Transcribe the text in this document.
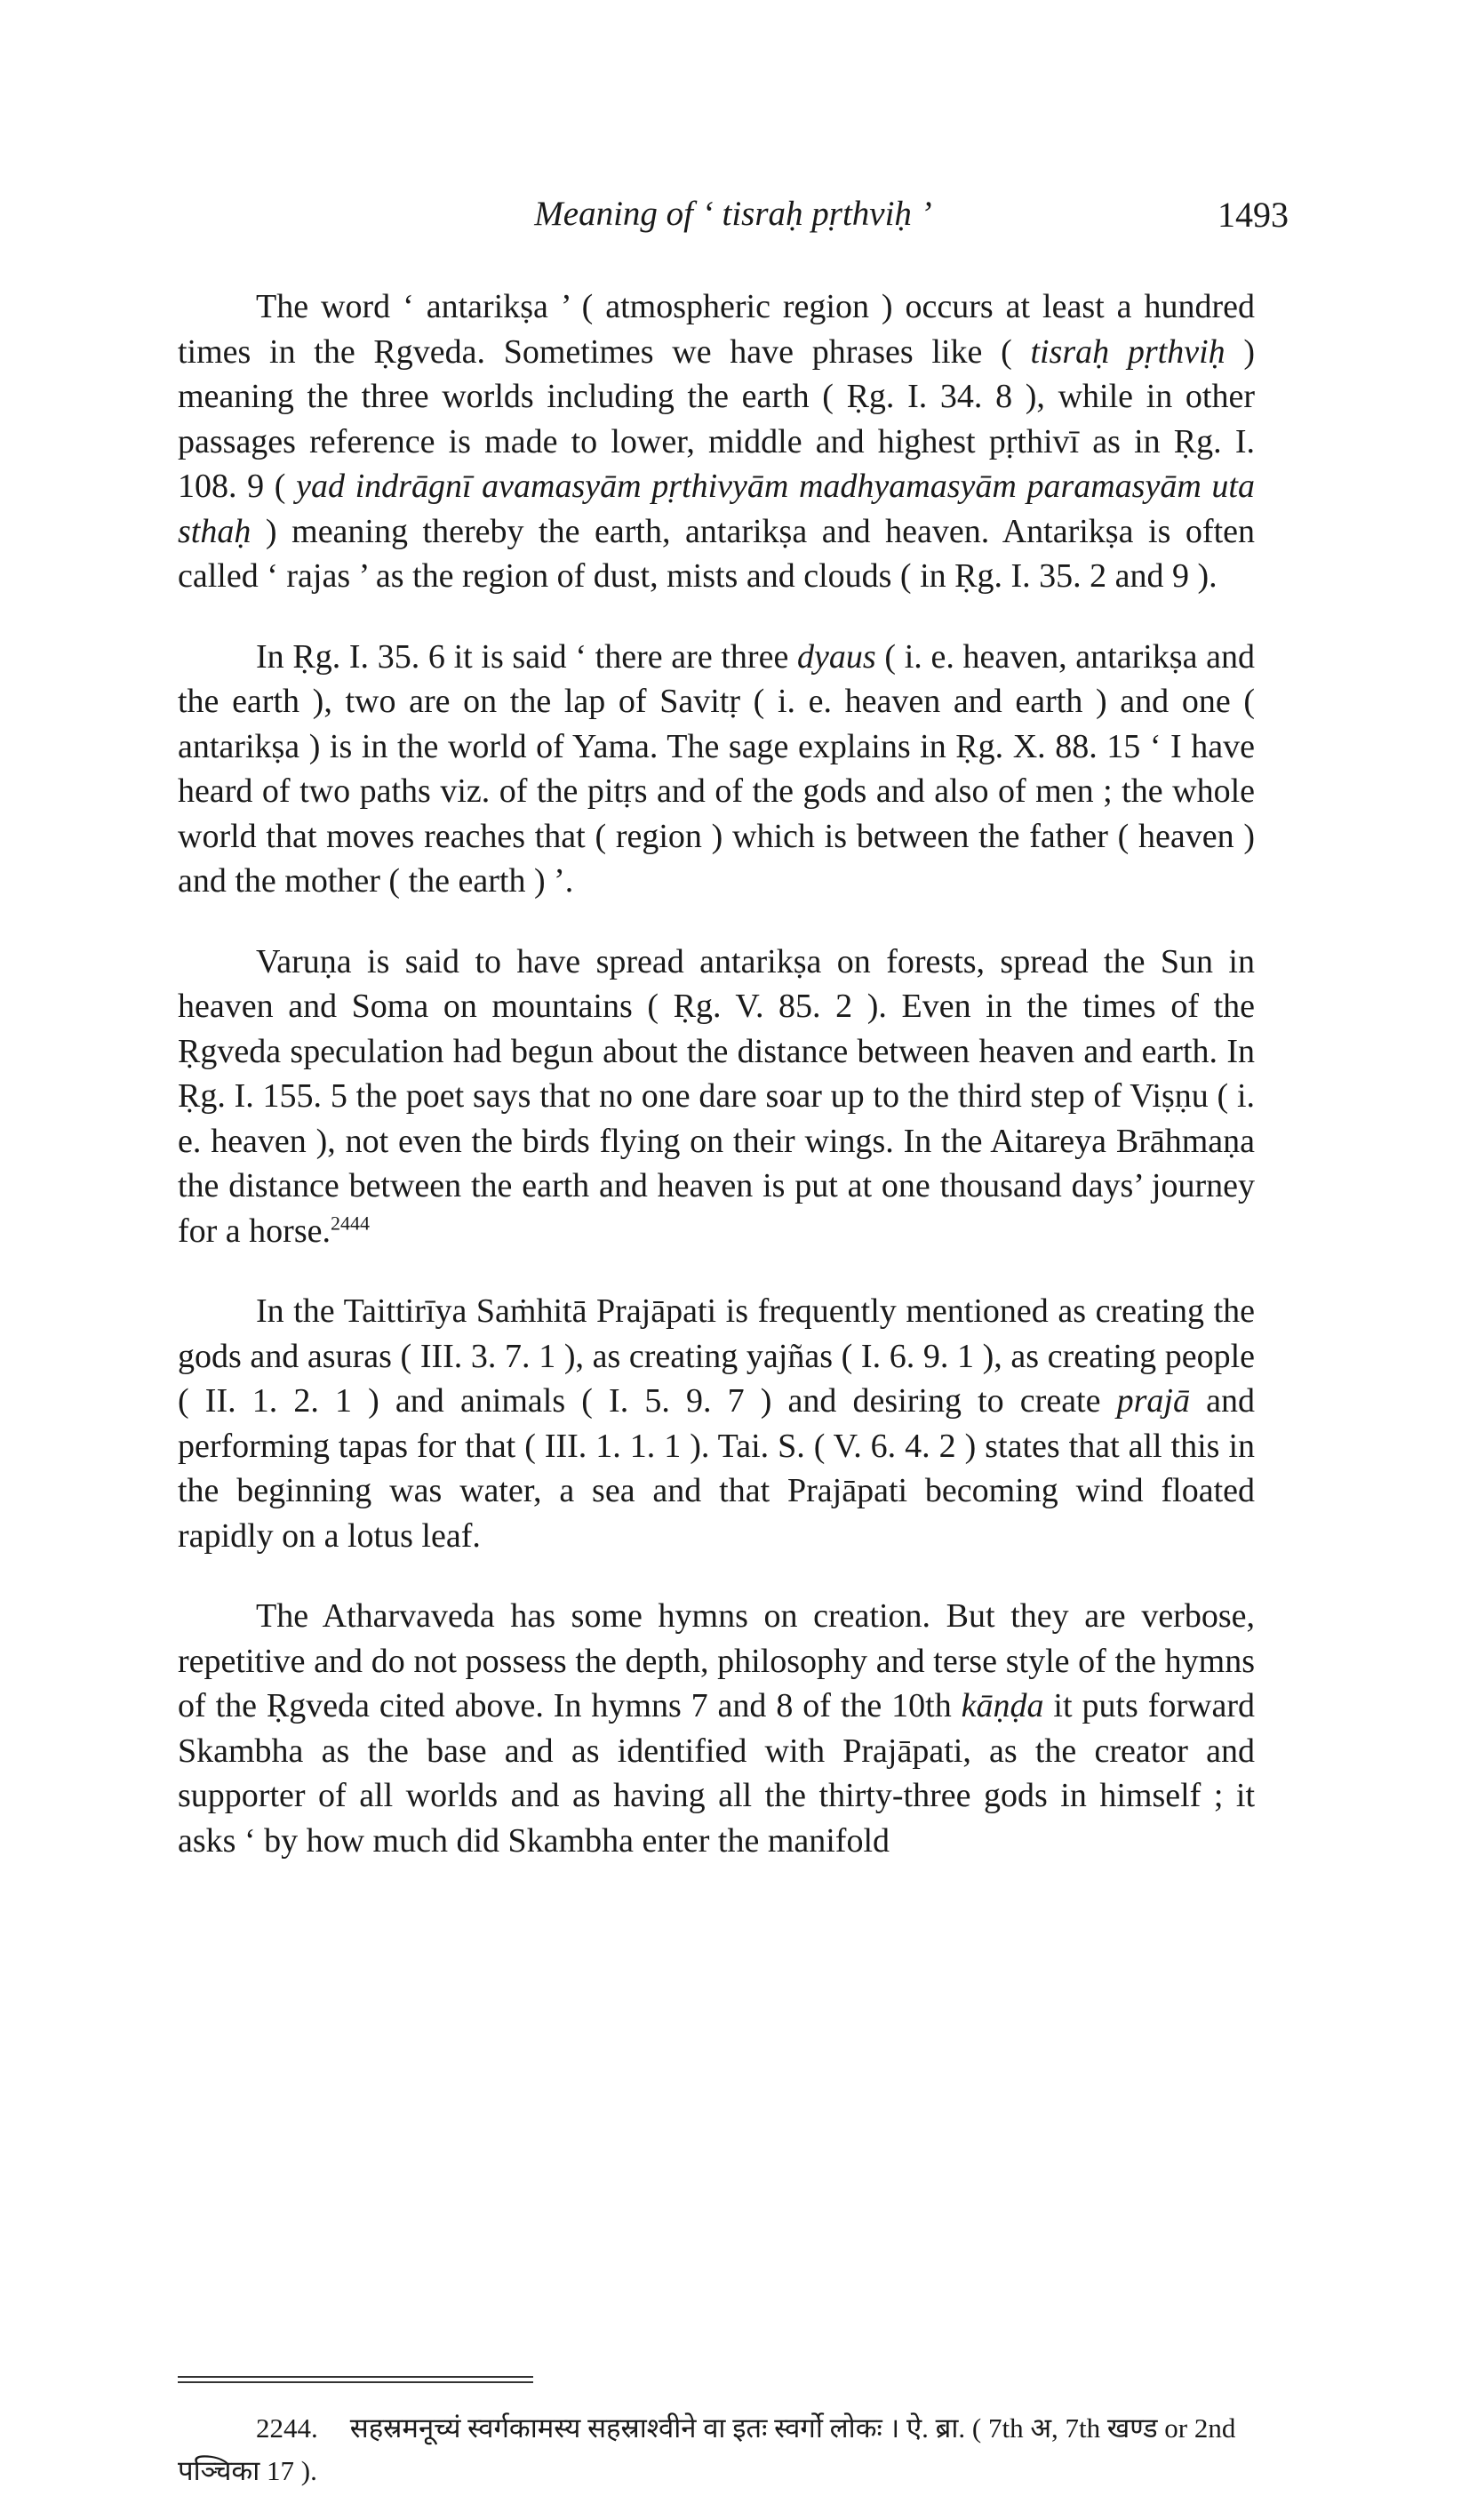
Meaning of ‘ tisraḥ pṛthviḥ ’	1493

The word ‘ antarikṣa ’ ( atmospheric region ) occurs at least a hundred times in the Ṛgveda. Sometimes we have phrases like ( tisraḥ pṛthviḥ ) meaning the three worlds including the earth ( Ṛg. I. 34. 8 ), while in other passages reference is made to lower, middle and highest pṛthivī as in Ṛg. I. 108. 9 ( yad indrāgnī avamasyām pṛthivyām madhyamasyām paramasyām uta sthaḥ ) meaning thereby the earth, antarikṣa and heaven. Antarikṣa is often called ‘ rajas ’ as the region of dust, mists and clouds ( in Ṛg. I. 35. 2 and 9 ).

In Ṛg. I. 35. 6 it is said ‘ there are three dyaus ( i. e. heaven, antarikṣa and the earth ), two are on the lap of Savitṛ ( i. e. heaven and earth ) and one ( antarikṣa ) is in the world of Yama. The sage explains in Ṛg. X. 88. 15 ‘ I have heard of two paths viz. of the pitṛs and of the gods and also of men ; the whole world that moves reaches that ( region ) which is between the father ( heaven ) and the mother ( the earth ) ’.

Varuṇa is said to have spread antarikṣa on forests, spread the Sun in heaven and Soma on mountains ( Ṛg. V. 85. 2 ). Even in the times of the Ṛgveda speculation had begun about the distance between heaven and earth. In Ṛg. I. 155. 5 the poet says that no one dare soar up to the third step of Viṣṇu ( i. e. heaven ), not even the birds flying on their wings. In the Aitareya Brāhmaṇa the distance between the earth and heaven is put at one thousand days’ journey for a horse.$^{2444}$

In the Taittirīya Saṁhitā Prajāpati is frequently mentioned as creating the gods and asuras ( III. 3. 7. 1 ), as creating yajñas ( I. 6. 9. 1 ), as creating people ( II. 1. 2. 1 ) and animals ( I. 5. 9. 7 ) and desiring to create prajā and performing tapas for that ( III. 1. 1. 1 ). Tai. S. ( V. 6. 4. 2 ) states that all this in the beginning was water, a sea and that Prajāpati becoming wind floated rapidly on a lotus leaf.

The Atharvaveda has some hymns on creation. But they are verbose, repetitive and do not possess the depth, philosophy and terse style of the hymns of the Ṛgveda cited above. In hymns 7 and 8 of the 10th kāṇḍa it puts forward Skambha as the base and as identified with Prajāpati, as the creator and supporter of all worlds and as having all the thirty-three gods in himself ; it asks ‘ by how much did Skambha enter the manifold

2244. सहस्रमनूच्यं स्वर्गकामस्य सहस्राश्वीने वा इतः स्वर्गो लोकः । ऐ. ब्रा. ( 7th अ, 7th खण्ड or 2nd पञ्चिका 17 ).
